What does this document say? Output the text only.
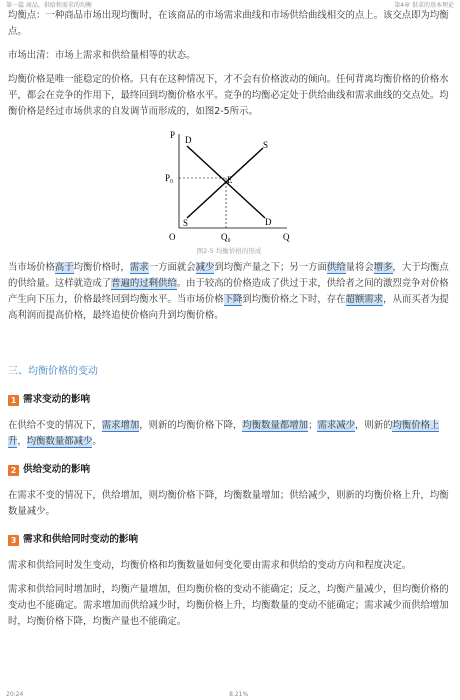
第一篇 商品、供给和需求的均衡	第4章 供求的基本理论

均衡点：一种商品市场出现均衡时，在该商品的市场需求曲线和市场供给曲线相交的点上。该交点即为均衡点。

市场出清：市场上需求和供给量相等的状态。

均衡价格是唯一能稳定的价格。只有在这种情况下，才不会有价格波动的倾向。任何背离均衡价格的价格水平，都会在竞争的作用下，最终回到均衡价格水平。竞争的均衡必定处于供给曲线和需求曲线的交点处。均衡价格是经过市场供求的自发调节而形成的，如图2-5所示。

P
Q
O
P₀
Q₀
E
D
D
S
S
图2-5 均衡价格的形成

当市场价格高于均衡价格时，需求一方面就会减少到均衡产量之下；另一方面供给量将会增多，大于均衡点的供给量。这样就造成了普遍的过剩供给。由于较高的价格造成了供过于求，供给者之间的激烈竞争对价格产生向下压力，价格最终回到均衡水平。当市场价格下降到均衡价格之下时，存在超额需求，从而买者为提高利润而提高价格，最终追使价格向升到均衡价格。

三、均衡价格的变动
1 需求变动的影响

在供给不变的情况下，需求增加，则新的均衡价格下降，均衡数量都增加；需求减少，则新的均衡价格上升，均衡数量都减少。

2 供给变动的影响

在需求不变的情况下，供给增加，则均衡价格下降，均衡数量增加；供给减少，则新的均衡价格上升，均衡数量减少。

3 需求和供给同时变动的影响

需求和供给同时发生变动，均衡价格和均衡数量如何变化要由需求和供给的变动方向和程度决定。

需求和供给同时增加时，均衡产量增加，但均衡价格的变动不能确定；反之，均衡产量减少，但均衡价格的变动也不能确定。需求增加而供给减少时，均衡价格上升，均衡数量的变动不能确定；需求减少而供给增加时，均衡价格下降，均衡产量也不能确定。

20:24	8.21%
